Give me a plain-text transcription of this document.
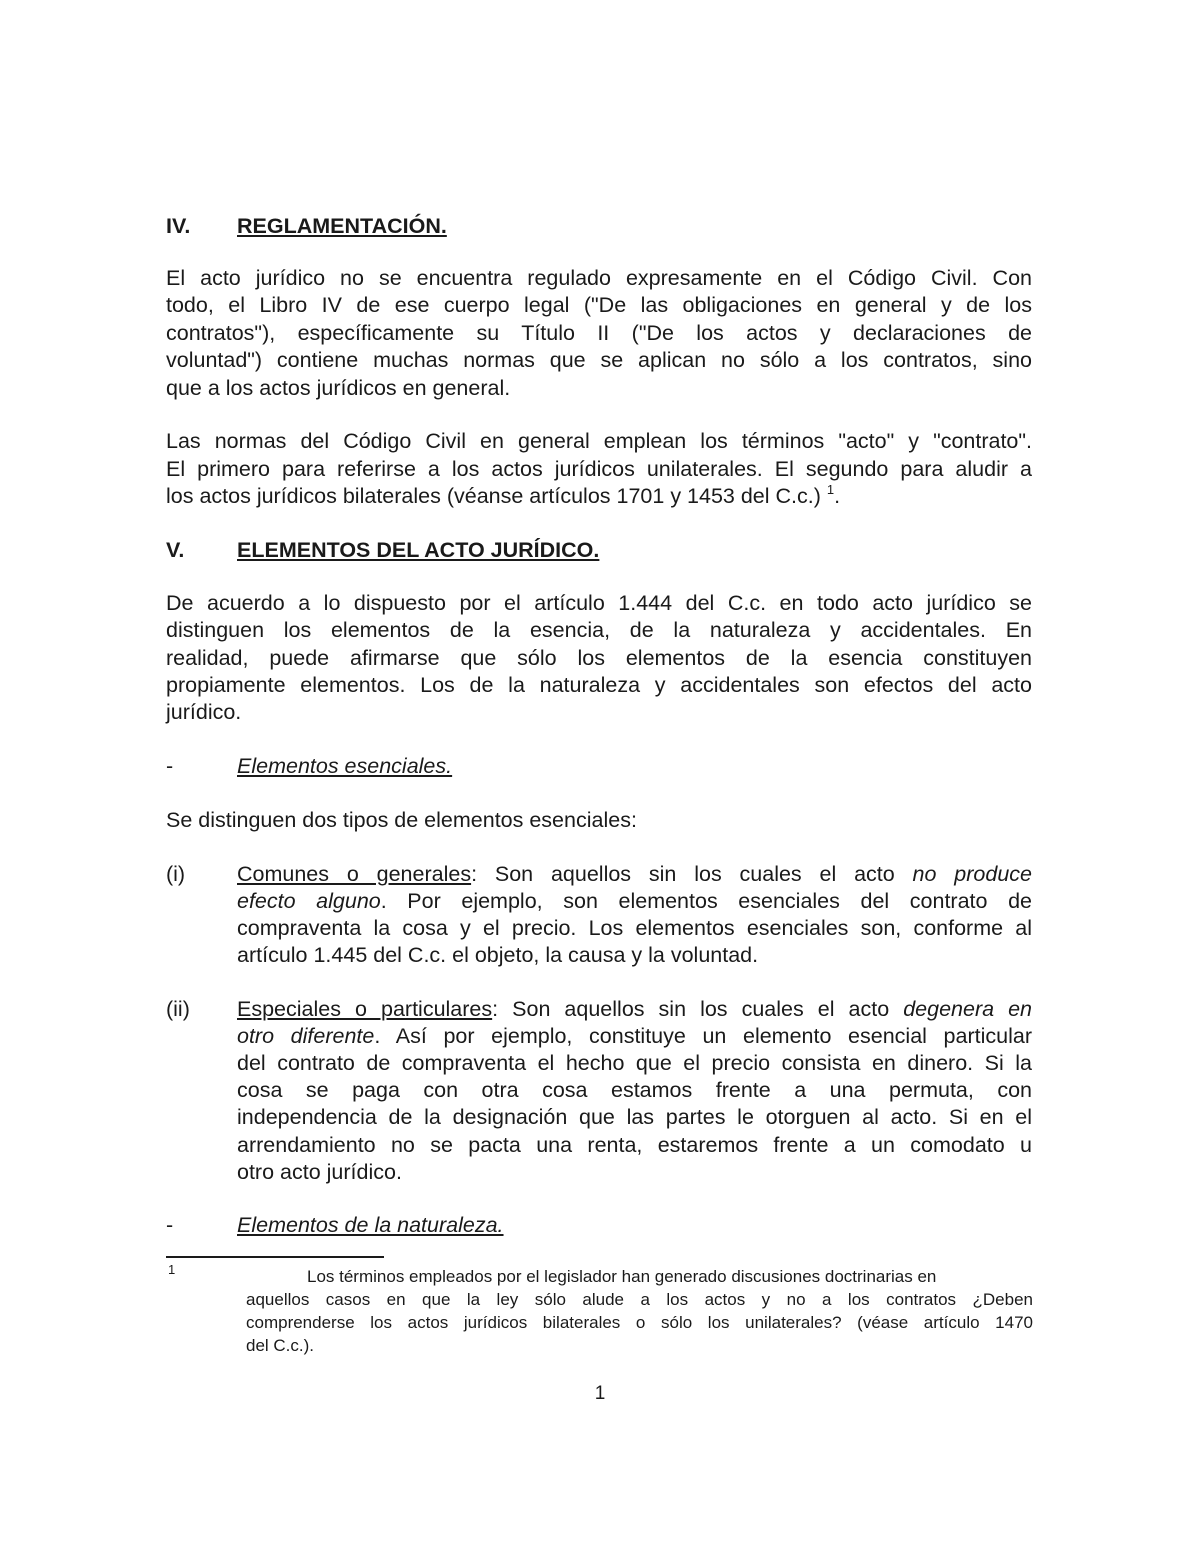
IV. REGLAMENTACIÓN.
El acto jurídico no se encuentra regulado expresamente en el Código Civil. Con
todo, el Libro IV de ese cuerpo legal ("De las obligaciones en general y de los
contratos"), específicamente su Título II ("De los actos y declaraciones de
voluntad") contiene muchas normas que se aplican no sólo a los contratos, sino
que a los actos jurídicos en general.
Las normas del Código Civil en general emplean los términos "acto" y "contrato".
El primero para referirse a los actos jurídicos unilaterales. El segundo para aludir a
los actos jurídicos bilaterales (véanse artículos 1701 y 1453 del C.c.) $^1$.
V. ELEMENTOS DEL ACTO JURÍDICO.
De acuerdo a lo dispuesto por el artículo 1.444 del C.c. en todo acto jurídico se
distinguen los elementos de la esencia, de la naturaleza y accidentales. En
realidad, puede afirmarse que sólo los elementos de la esencia constituyen
propiamente elementos. Los de la naturaleza y accidentales son efectos del acto
jurídico.
-	Elementos esenciales.
Se distinguen dos tipos de elementos esenciales:
(i) Comunes o generales: Son aquellos sin los cuales el acto no produce
efecto alguno. Por ejemplo, son elementos esenciales del contrato de
compraventa la cosa y el precio. Los elementos esenciales son, conforme al
artículo 1.445 del C.c. el objeto, la causa y la voluntad.
(ii) Especiales o particulares: Son aquellos sin los cuales el acto degenera en
otro diferente. Así por ejemplo, constituye un elemento esencial particular
del contrato de compraventa el hecho que el precio consista en dinero. Si la
cosa se paga con otra cosa estamos frente a una permuta, con
independencia de la designación que las partes le otorguen al acto. Si en el
arrendamiento no se pacta una renta, estaremos frente a un comodato u
otro acto jurídico.
-	Elementos de la naturaleza.
1	Los términos empleados por el legislador han generado discusiones doctrinarias en
aquellos casos en que la ley sólo alude a los actos y no a los contratos ¿Deben
comprenderse los actos jurídicos bilaterales o sólo los unilaterales? (véase artículo 1470
del C.c.).
1
